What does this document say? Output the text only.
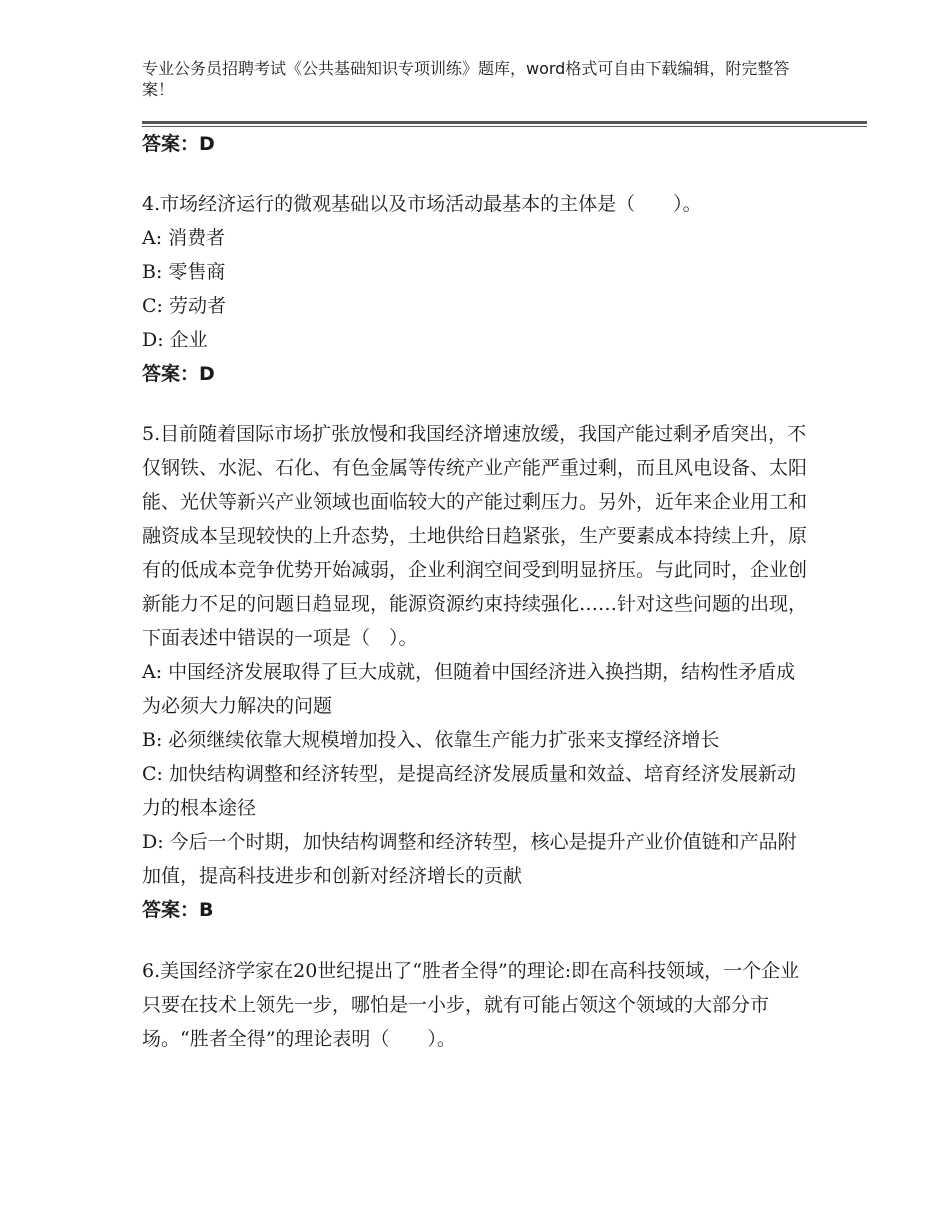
专业公务员招聘考试《公共基础知识专项训练》题库，word格式可自由下载编辑，附完整答案！
答案：D
4.市场经济运行的微观基础以及市场活动最基本的主体是（　　）。
A: 消费者
B: 零售商
C: 劳动者
D: 企业
答案：D
5.目前随着国际市场扩张放慢和我国经济增速放缓，我国产能过剩矛盾突出，不仅钢铁、水泥、石化、有色金属等传统产业产能严重过剩，而且风电设备、太阳能、光伏等新兴产业领域也面临较大的产能过剩压力。另外，近年来企业用工和融资成本呈现较快的上升态势，土地供给日趋紧张，生产要素成本持续上升，原有的低成本竞争优势开始减弱，企业利润空间受到明显挤压。与此同时，企业创新能力不足的问题日趋显现，能源资源约束持续强化……针对这些问题的出现，下面表述中错误的一项是（　）。
A: 中国经济发展取得了巨大成就，但随着中国经济进入换挡期，结构性矛盾成为必须大力解决的问题
B: 必须继续依靠大规模增加投入、依靠生产能力扩张来支撑经济增长
C: 加快结构调整和经济转型，是提高经济发展质量和效益、培育经济发展新动力的根本途径
D: 今后一个时期，加快结构调整和经济转型，核心是提升产业价值链和产品附加值，提高科技进步和创新对经济增长的贡献
答案：B
6.美国经济学家在20世纪提出了“胜者全得”的理论:即在高科技领域，一个企业只要在技术上领先一步，哪怕是一小步，就有可能占领这个领域的大部分市场。“胜者全得”的理论表明（　　）。
